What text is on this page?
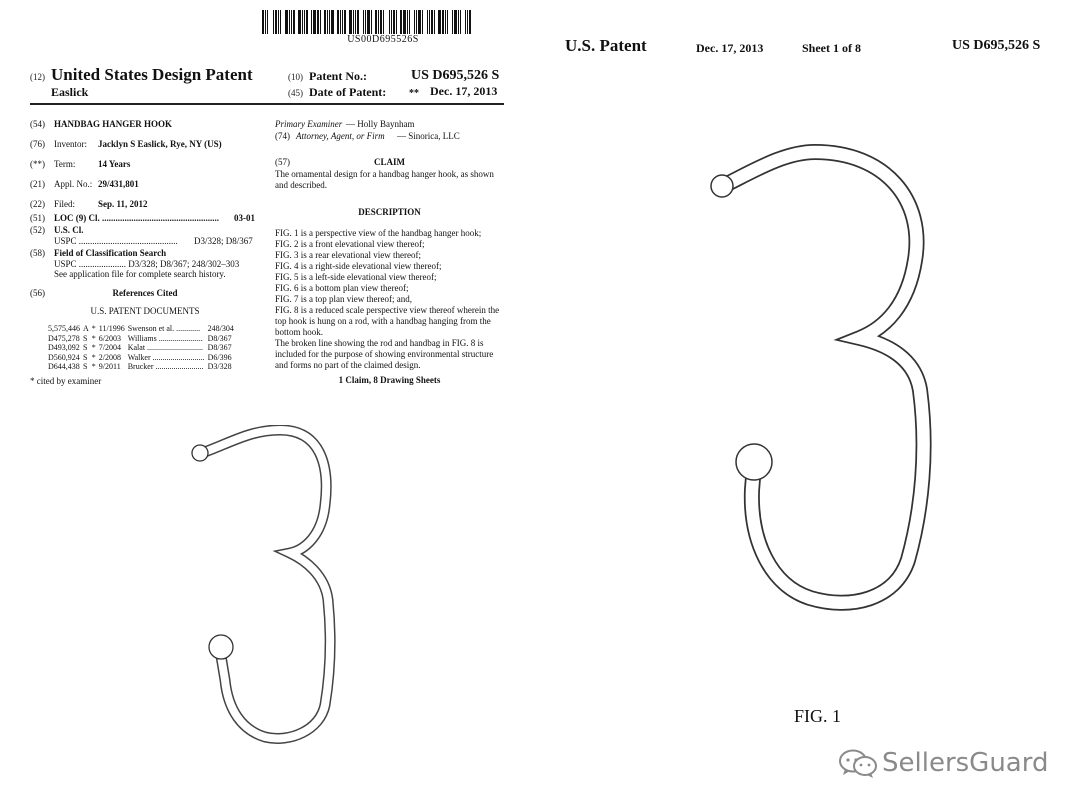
US00D695526S
(12) United States Design Patent
Easlick
(10) Patent No.:	US D695,526 S
(45) Date of Patent: ** Dec. 17, 2013
(54) HANDBAG HANGER HOOK
(76) Inventor: Jacklyn S Easlick, Rye, NY (US)
(**) Term:	14 Years
(21) Appl. No.: 29/431,801
(22) Filed:	Sep. 11, 2012
(51) LOC (9) Cl. ....................................................	03-01
(52) U.S. Cl.
USPC ............................................	D3/328; D8/367
(58) Field of Classification Search
USPC ..................... D3/328; D8/367; 248/302–303
See application file for complete search history.
(56)	References Cited
U.S. PATENT DOCUMENTS
5,575,446	A	*	11/1996	Swenson et al. ............	248/304
D475,278	S	*	6/2003	Williams ......................	D8/367
D493,092	S	*	7/2004	Kalat ............................	D8/367
D560,924	S	*	2/2008	Walker ..........................	D6/396
D644,438	S	*	9/2011	Brucker ........................	D3/328
* cited by examiner
Primary Examiner — Holly Baynham
(74) Attorney, Agent, or Firm — Sinorica, LLC
(57)	CLAIM
The ornamental design for a handbag hanger hook, as shown and described.
DESCRIPTION
FIG. 1 is a perspective view of the handbag hanger hook;
FIG. 2 is a front elevational view thereof;
FIG. 3 is a rear elevational view thereof;
FIG. 4 is a right-side elevational view thereof;
FIG. 5 is a left-side elevational view thereof;
FIG. 6 is a bottom plan view thereof;
FIG. 7 is a top plan view thereof; and,
FIG. 8 is a reduced scale perspective view thereof wherein the
top hook is hung on a rod, with a handbag hanging from the
bottom hook.
The broken line showing the rod and handbag in FIG. 8 is
included for the purpose of showing environmental structure
and forms no part of the claimed design.
1 Claim, 8 Drawing Sheets
U.S. Patent	Dec. 17, 2013	Sheet 1 of 8	US D695,526 S
FIG. 1
SellersGuard
